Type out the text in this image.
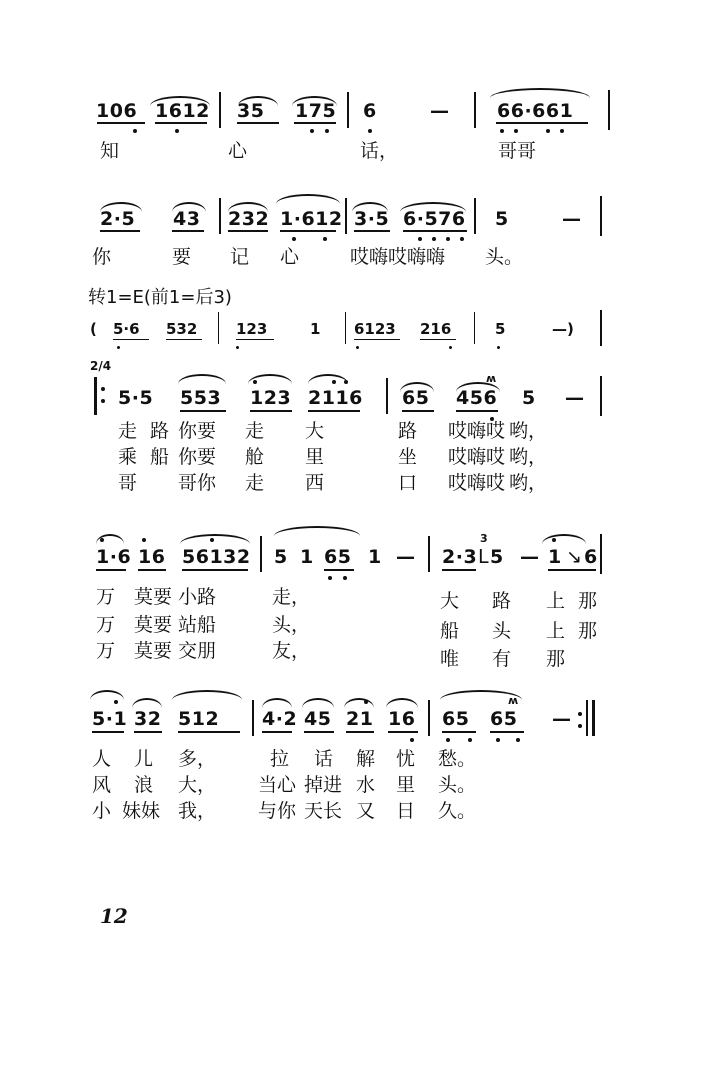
106 1612 35 175 6	—	66·661
知	心	话，	哥哥
2·5 43 232 1·612 3·5 6·576 5	—
你	要 记 心	哎嗨哎嗨嗨 头。
转1=E(前1=后3)
( 5·6 532	123	1 6123 216	5	—)
2/4
5·5 553 123 2116 65 456
ʍ
5 —
走 路 你要 走 大	路 哎嗨哎 哟，
乘 船 你要 舱 里	坐 哎嗨哎 哟，
哥 哥你 走 西	口 哎嗨哎 哟，
1·6 16 56132 5 1 65 1 — 2·3
3
ᒪ 5 — 1 ↘ 6
万 莫要 小路	走，	大 路 上 那
万 莫要 站船	头，	船 头 上 那
万 莫要 交朋	友，	唯 有 那
5·1 32 512 4·2 45 21 16 65 65
ʍ
—
人 儿 多，	拉 话 解 忧 愁。
风 浪 大， 当心 掉进 水 里 头。
小 妹妹 我， 与你 天长 又 日 久。
12
